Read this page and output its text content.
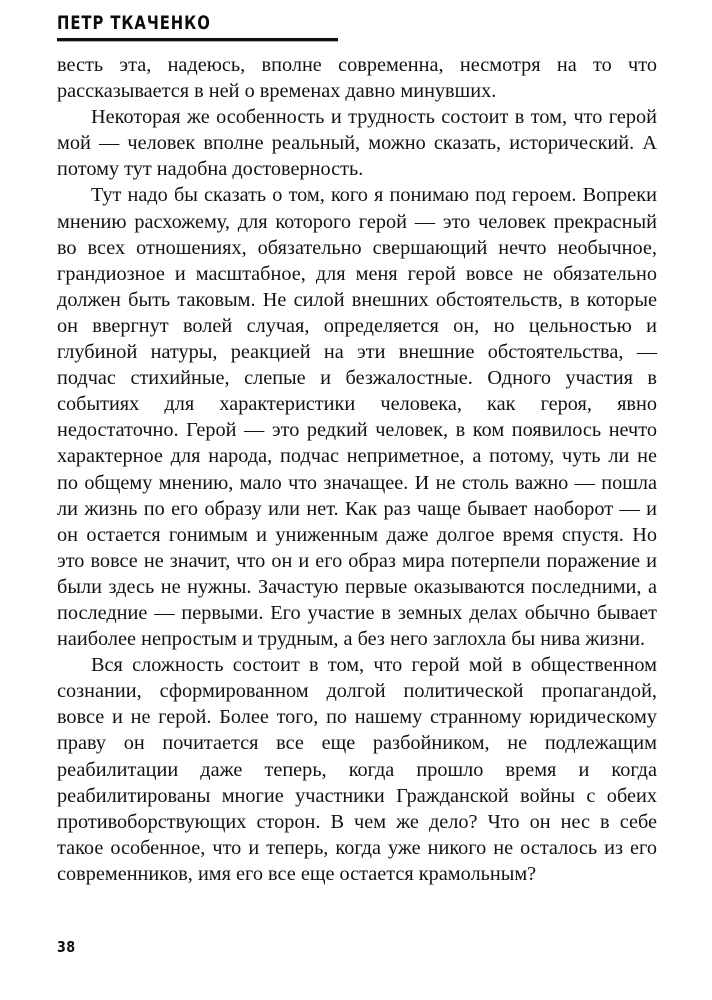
ПЕТР ТКАЧЕНКО

весть эта, надеюсь, вполне современна, несмотря на то что рассказывается в ней о временах давно минувших.

Некоторая же особенность и трудность состоит в том, что герой мой — человек вполне реальный, можно сказать, исторический. А потому тут надобна достоверность.

Тут надо бы сказать о том, кого я понимаю под героем. Вопреки мнению расхожему, для которого герой — это человек прекрасный во всех отношениях, обязательно свершающий нечто необычное, грандиозное и масштабное, для меня герой вовсе не обязательно должен быть таковым. Не силой внешних обстоятельств, в которые он ввергнут волей случая, определяется он, но цельностью и глубиной натуры, реакцией на эти внешние обстоятельства, — подчас стихийные, слепые и безжалостные. Одного участия в событиях для характеристики человека, как героя, явно недостаточно. Герой — это редкий человек, в ком появилось нечто характерное для народа, подчас неприметное, а потому, чуть ли не по общему мнению, мало что значащее. И не столь важно — пошла ли жизнь по его образу или нет. Как раз чаще бывает наоборот — и он остается гонимым и униженным даже долгое время спустя. Но это вовсе не значит, что он и его образ мира потерпели поражение и были здесь не нужны. Зачастую первые оказываются последними, а последние — первыми. Его участие в земных делах обычно бывает наиболее непростым и трудным, а без него заглохла бы нива жизни.

Вся сложность состоит в том, что герой мой в общественном сознании, сформированном долгой политической пропагандой, вовсе и не герой. Более того, по нашему странному юридическому праву он почитается все еще разбойником, не подлежащим реабилитации даже теперь, когда прошло время и когда реабилитированы многие участники Гражданской войны с обеих противоборствующих сторон. В чем же дело? Что он нес в себе такое особенное, что и теперь, когда уже никого не осталось из его современников, имя его все еще остается крамольным?

38
